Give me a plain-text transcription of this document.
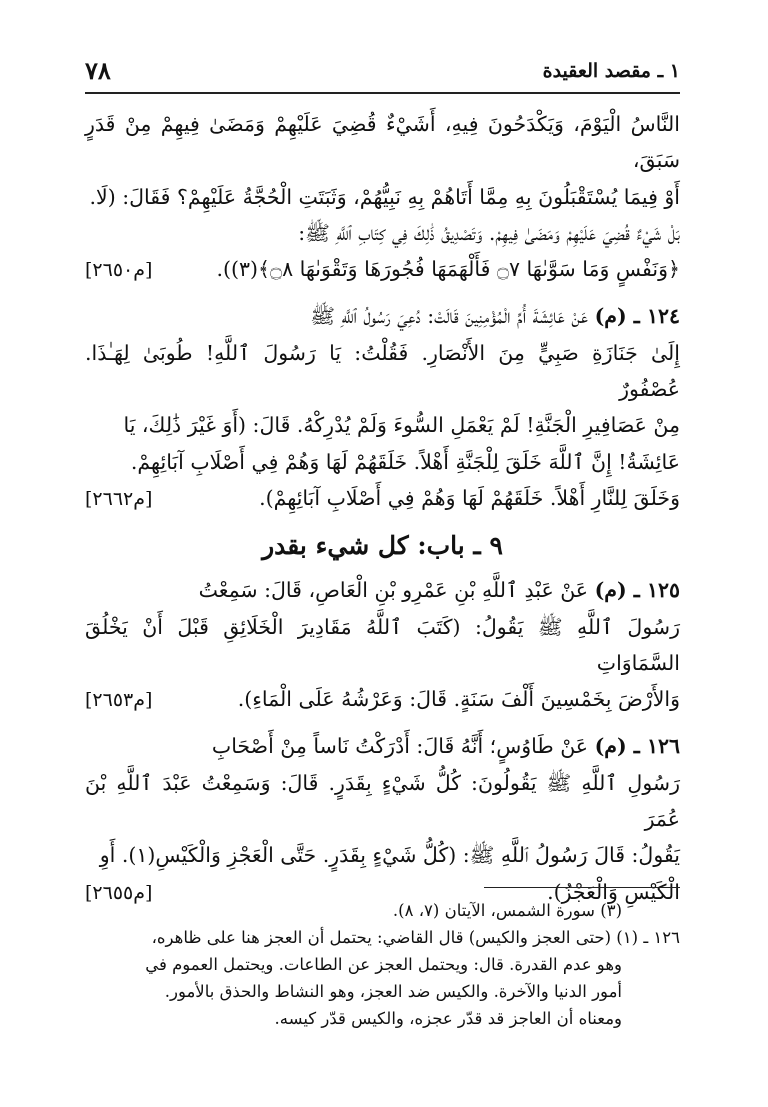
٧٨	١ ـ مقصد العقيدة
النَّاسُ الْيَوْمَ، وَيَكْدَحُونَ فِيهِ، أَشَيْءٌ قُضِيَ عَلَيْهِمْ وَمَضَىٰ فِيهِمْ مِنْ قَدَرٍ سَبَقَ،
أَوْ فِيمَا يُسْتَقْبَلُونَ بِهِ مِمَّا أَتَاهُمْ بِهِ نَبِيُّهُمْ، وَثَبَتَتِ الْحُجَّةُ عَلَيْهِمْ؟ فَقَالَ: (لَا.
بَلْ شَيْءٌ قُضِيَ عَلَيْهِمْ وَمَضَىٰ فِيهِمْ. وَتَصْدِيقُ ذَٰلِكَ فِي كِتَابِ ٱللَّهِ ﷺ:
﴿وَنَفْسٍ وَمَا سَوَّىٰهَا ۝٧ فَأَلْهَمَهَا فُجُورَهَا وَتَقْوَىٰهَا ۝٨﴾(٣)).
[م٢٦٥٠]
١٢٤ ـ (م) عَنْ عَائِشَةَ أُمِّ الْمُؤْمِنِينَ قَالَتْ: دُعِيَ رَسُولُ ٱللَّهِ ﷺ
إِلَىٰ جَنَازَةِ صَبِيٍّ مِنَ الأَنْصَارِ. فَقُلْتُ: يَا رَسُولَ ٱللَّهِ! طُوبَىٰ لِهَـٰذَا. عُصْفُورٌ
مِنْ عَصَافِيرِ الْجَنَّةِ! لَمْ يَعْمَلِ السُّوءَ وَلَمْ يُدْرِكْهُ. قَالَ: (أَوَ غَيْرَ ذَٰلِكَ، يَا
عَائِشَةُ! إِنَّ ٱللَّهَ خَلَقَ لِلْجَنَّةِ أَهْلاً. خَلَقَهُمْ لَهَا وَهُمْ فِي أَصْلَابِ آبَائِهِمْ.
وَخَلَقَ لِلنَّارِ أَهْلاً. خَلَقَهُمْ لَهَا وَهُمْ فِي أَصْلَابِ آبَائِهِمْ).
[م٢٦٦٢]
٩ ـ باب: كل شيء بقدر
١٢٥ ـ (م) عَنْ عَبْدِ ٱللَّهِ بْنِ عَمْرِو بْنِ الْعَاصِ، قَالَ: سَمِعْتُ
رَسُولَ ٱللَّهِ ﷺ يَقُولُ: (كَتَبَ ٱللَّهُ مَقَادِيرَ الْخَلَائِقِ قَبْلَ أَنْ يَخْلُقَ السَّمَاوَاتِ
وَالأَرْضَ بِخَمْسِينَ أَلْفَ سَنَةٍ. قَالَ: وَعَرْشُهُ عَلَى الْمَاءِ).
[م٢٦٥٣]
١٢٦ ـ (م) عَنْ طَاوُسٍ؛ أَنَّهُ قَالَ: أَدْرَكْتُ نَاساً مِنْ أَصْحَابِ
رَسُولِ ٱللَّهِ ﷺ يَقُولُونَ: كُلُّ شَيْءٍ بِقَدَرٍ. قَالَ: وَسَمِعْتُ عَبْدَ ٱللَّهِ بْنَ عُمَرَ
يَقُولُ: قَالَ رَسُولُ ٱللَّهِ ﷺ: (كُلُّ شَيْءٍ بِقَدَرٍ. حَتَّى الْعَجْزِ وَالْكَيْسِ(١). أَوِ
الْكَيْسِ وَالْعَجْزُ).
[م٢٦٥٥]

(٣) سورة الشمس، الآيتان (٧، ٨).

١٢٦ ـ (١) (حتى العجز والكيس) قال القاضي: يحتمل أن العجز هنا على ظاهره،

وهو عدم القدرة. قال: ويحتمل العجز عن الطاعات. ويحتمل العموم في

أمور الدنيا والآخرة. والكيس ضد العجز، وهو النشاط والحذق بالأمور.

ومعناه أن العاجز قد قدّر عجزه، والكيس قدّر كيسه.
